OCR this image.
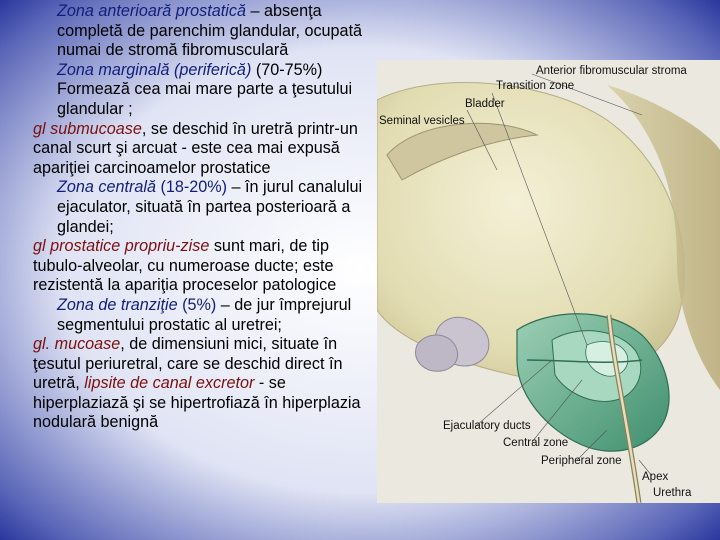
Zona anterioară prostatică – absenţa completă de parenchim glandular, ocupată numai de stromă fibromusculară

Zona marginală (periferică) (70-75%) Formează cea mai mare parte a ţesutului glandular ;

gl submucoase, se deschid în uretră printr-un canal scurt şi arcuat - este cea mai expusă apariţiei carcinoamelor prostatice

Zona centrală (18-20%) – în jurul canalului ejaculator, situată în partea posterioară a glandei;

gl prostatice propriu-zise sunt mari, de tip tubulo-alveolar, cu numeroase ducte; este rezistentă la apariţia proceselor patologice

Zona de tranziţie (5%) – de jur împrejurul segmentului prostatic al uretrei;

gl. mucoase, de dimensiuni mici, situate în ţesutul periuretral, care se deschid direct în uretră, lipsite de canal excretor - se hiperplaziază şi se hipertrofiază în hiperplazia nodulară benignă

Anterior fibromuscular stroma
Transition zone
Bladder
Seminal vesicles
Ejaculatory ducts
Central zone
Peripheral zone
Apex
Urethra
